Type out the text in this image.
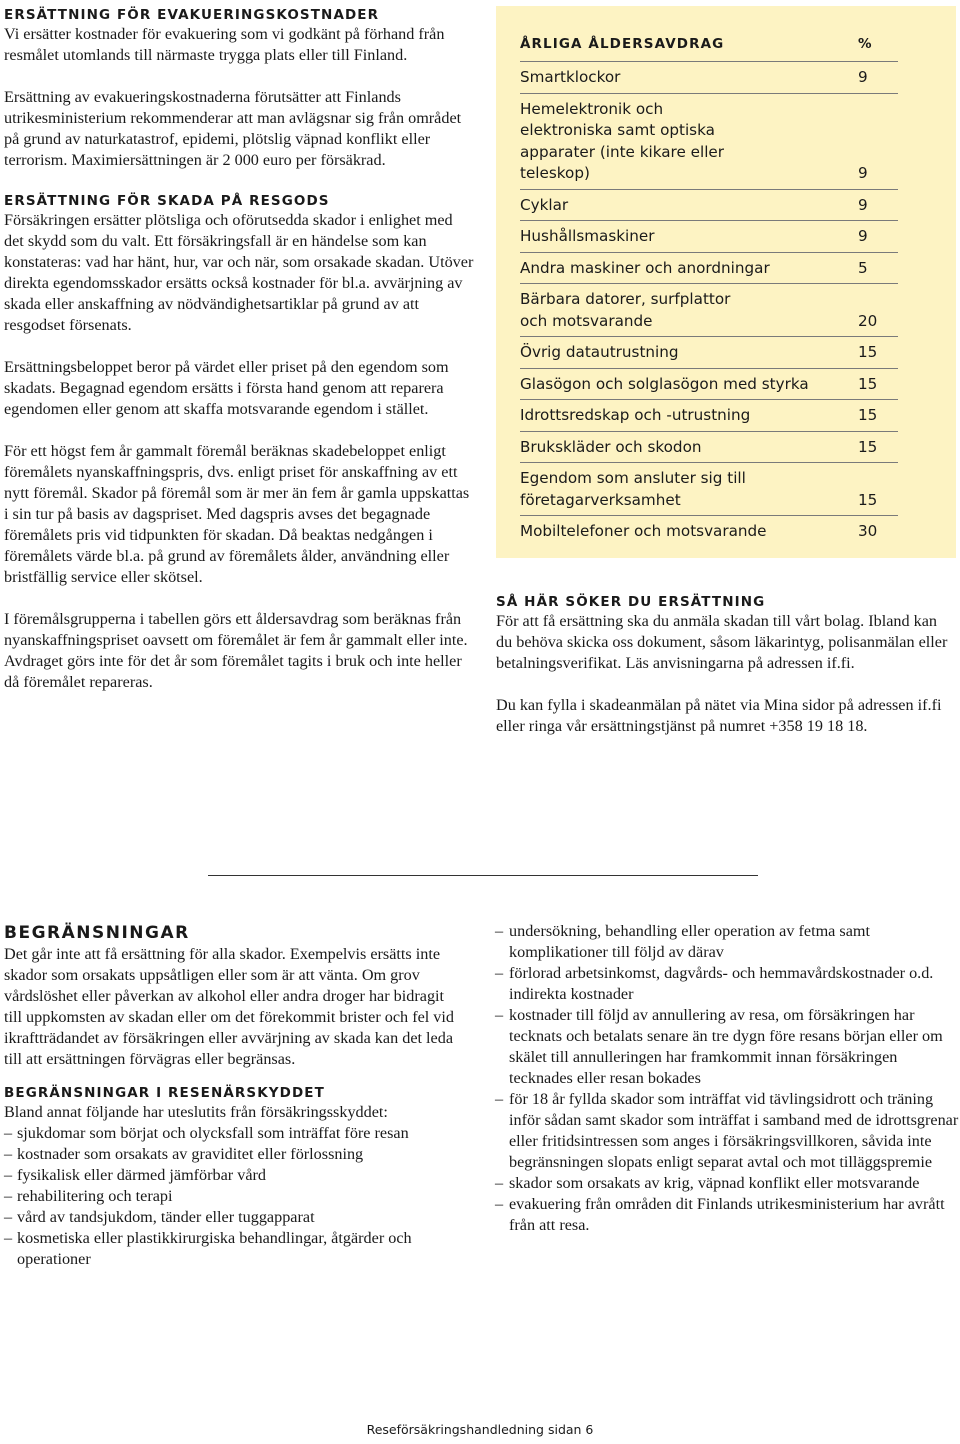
ERSÄTTNING FÖR EVAKUERINGSKOSTNADER

Vi ersätter kostnader för evakuering som vi godkänt på förhand från resmålet utomlands till närmaste trygga plats eller till Finland.

Ersättning av evakueringskostnaderna förutsätter att Finlands utrikesministerium rekommenderar att man avlägsnar sig från området på grund av naturkatastrof, epidemi, plötslig väpnad konflikt eller terrorism. Maximiersättningen är 2 000 euro per försäkrad.

ERSÄTTNING FÖR SKADA PÅ RESGODS

Försäkringen ersätter plötsliga och oförutsedda skador i enlighet med det skydd som du valt. Ett försäkringsfall är en händelse som kan konstateras: vad har hänt, hur, var och när, som orsakade skadan. Utöver direkta egendomsskador ersätts också kostnader för bl.a. avvärjning av skada eller anskaffning av nödvändighetsartiklar på grund av att resgodset försenats.

Ersättningsbeloppet beror på värdet eller priset på den egendom som skadats. Begagnad egendom ersätts i första hand genom att reparera egendomen eller genom att skaffa motsvarande egendom i stället.

För ett högst fem år gammalt föremål beräknas skadebeloppet enligt föremålets nyanskaffningspris, dvs. enligt priset för anskaffning av ett nytt föremål. Skador på föremål som är mer än fem år gamla uppskattas i sin tur på basis av dagspriset. Med dagspris avses det begagnade föremålets pris vid tidpunkten för skadan. Då beaktas nedgången i föremålets värde bl.a. på grund av föremålets ålder, användning eller bristfällig service eller skötsel.

I föremålsgrupperna i tabellen görs ett åldersavdrag som beräknas från nyanskaffningspriset oavsett om föremålet är fem år gammalt eller inte. Avdraget görs inte för det år som föremålet tagits i bruk och inte heller då föremålet repareras.

ÅRLIGA ÅLDERSAVDRAG	%
Smartklockor	9
Hemelektronik och elektroniska samt optiska apparater (inte kikare eller teleskop)	9
Cyklar	9
Hushållsmaskiner	9
Andra maskiner och anordningar	5
Bärbara datorer, surfplattor och motsvarande	20
Övrig datautrustning	15
Glasögon och solglasögon med styrka	15
Idrottsredskap och -utrustning	15
Brukskläder och skodon	15
Egendom som ansluter sig till företagarverksamhet	15
Mobiltelefoner och motsvarande	30
SÅ HÄR SÖKER DU ERSÄTTNING

För att få ersättning ska du anmäla skadan till vårt bolag. Ibland kan du behöva skicka oss dokument, såsom läkarintyg, polisanmälan eller betalningsverifikat. Läs anvisningarna på adressen if.fi.

Du kan fylla i skadeanmälan på nätet via Mina sidor på adressen if.fi eller ringa vår ersättningstjänst på numret +358 19 18 18.

BEGRÄNSNINGAR

Det går inte att få ersättning för alla skador. Exempelvis ersätts inte skador som orsakats uppsåtligen eller som är att vänta. Om grov vårdslöshet eller påverkan av alkohol eller andra droger har bidragit till uppkomsten av skadan eller om det förekommit brister och fel vid ikraftträdandet av försäkringen eller avvärjning av skada kan det leda till att ersättningen förvägras eller begränsas.

BEGRÄNSNINGAR I RESENÄRSKYDDET

Bland annat följande har uteslutits från försäkringsskyddet:

– sjukdomar som börjat och olycksfall som inträffat före resan
– kostnader som orsakats av graviditet eller förlossning
– fysikalisk eller därmed jämförbar vård
– rehabilitering och terapi
– vård av tandsjukdom, tänder eller tuggapparat
– kosmetiska eller plastikkirurgiska behandlingar, åtgärder och operationer
– undersökning, behandling eller operation av fetma samt komplikationer till följd av därav
– förlorad arbetsinkomst, dagvårds- och hemmavårdskostnader o.d. indirekta kostnader
– kostnader till följd av annullering av resa, om försäkringen har tecknats och betalats senare än tre dygn före resans början eller om skälet till annulleringen har framkommit innan försäkringen tecknades eller resan bokades
– för 18 år fyllda skador som inträffat vid tävlingsidrott och träning inför sådan samt skador som inträffat i samband med de idrottsgrenar eller fritidsintressen som anges i försäkringsvillkoren, såvida inte begränsningen slopats enligt separat avtal och mot tilläggspremie
– skador som orsakats av krig, väpnad konflikt eller motsvarande
– evakuering från områden dit Finlands utrikesministerium har avrått från att resa.
Reseförsäkringshandledning sidan 6
